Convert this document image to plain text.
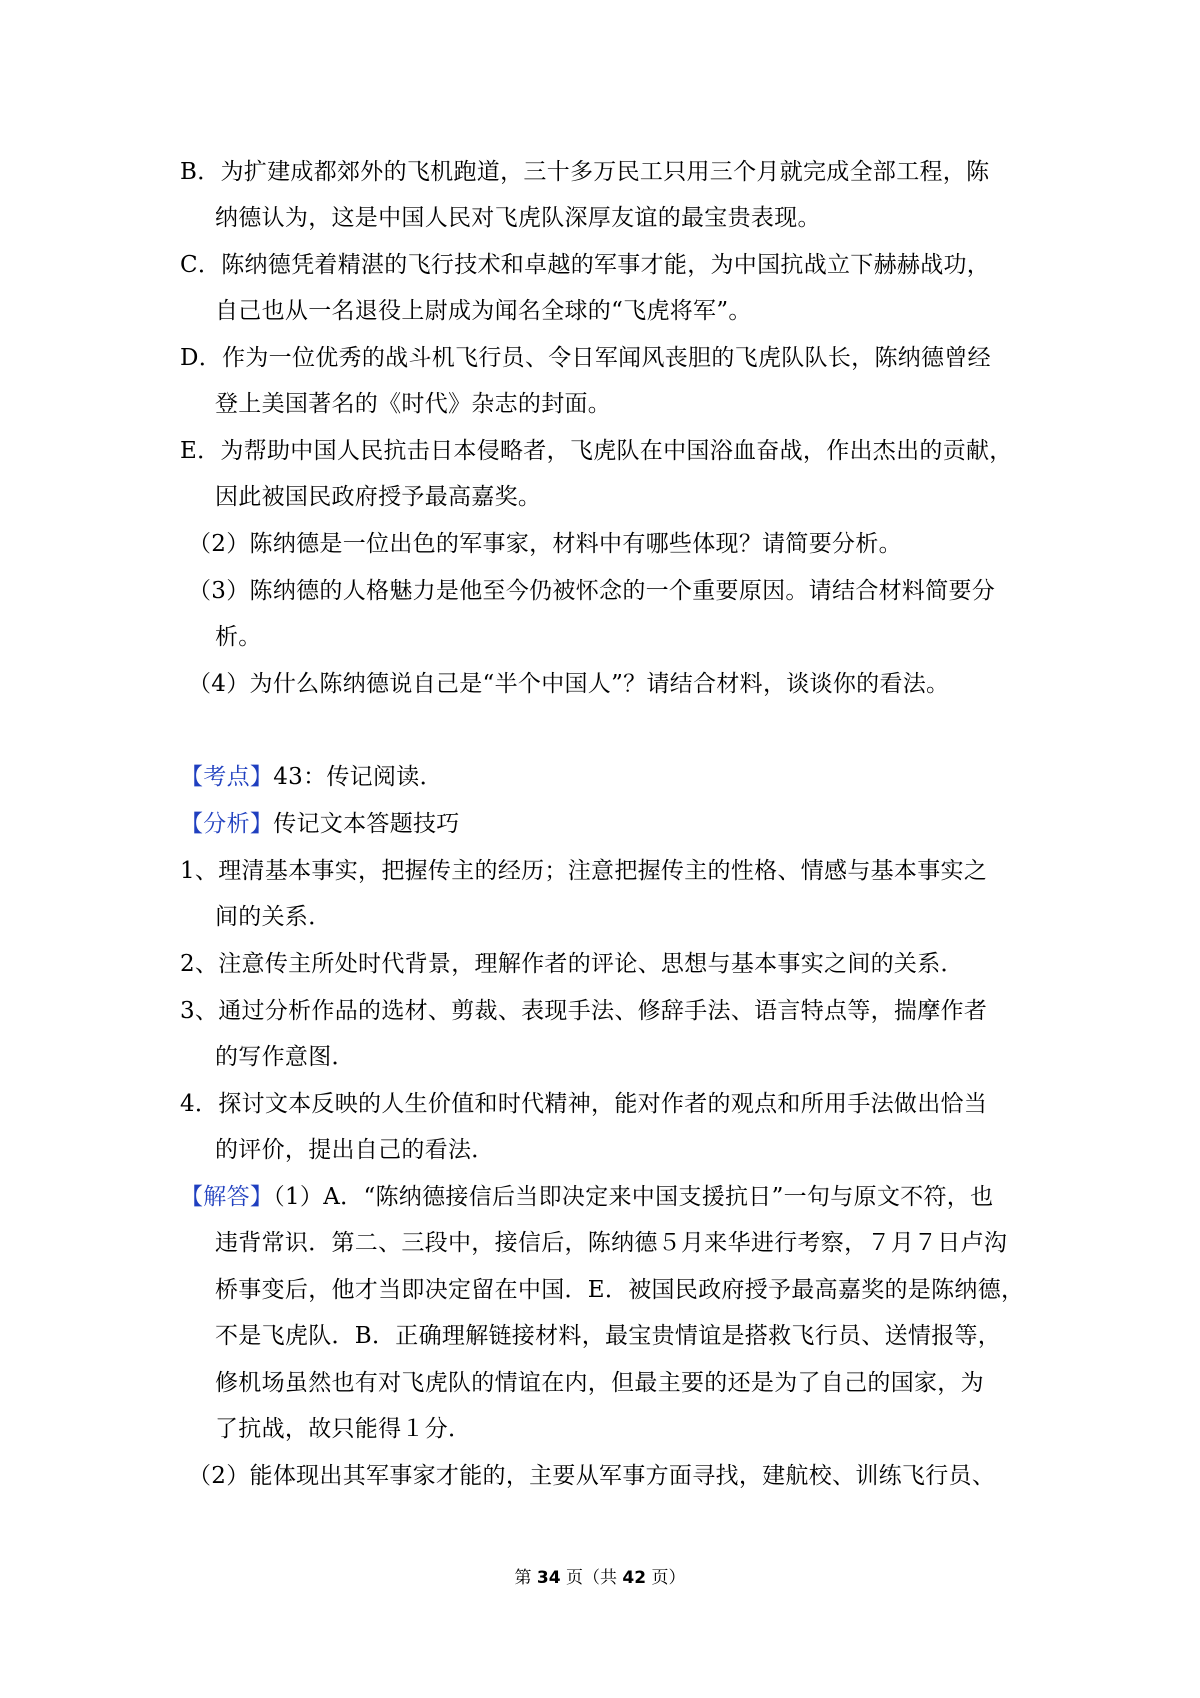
B．为扩建成都郊外的飞机跑道，三十多万民工只用三个月就完成全部工程，陈
纳德认为，这是中国人民对飞虎队深厚友谊的最宝贵表现。
C．陈纳德凭着精湛的飞行技术和卓越的军事才能，为中国抗战立下赫赫战功，
自己也从一名退役上尉成为闻名全球的“飞虎将军”。
D．作为一位优秀的战斗机飞行员、令日军闻风丧胆的飞虎队队长，陈纳德曾经
登上美国著名的《时代》杂志的封面。
E．为帮助中国人民抗击日本侵略者，飞虎队在中国浴血奋战，作出杰出的贡献，
因此被国民政府授予最高嘉奖。
（2）陈纳德是一位出色的军事家，材料中有哪些体现？请简要分析。
（3）陈纳德的人格魅力是他至今仍被怀念的一个重要原因。请结合材料简要分
析。
（4）为什么陈纳德说自己是“半个中国人”？请结合材料，谈谈你的看法。
【考点】43：传记阅读．
【分析】传记文本答题技巧
1、理清基本事实，把握传主的经历；注意把握传主的性格、情感与基本事实之
间的关系．
2、注意传主所处时代背景，理解作者的评论、思想与基本事实之间的关系．
3、通过分析作品的选材、剪裁、表现手法、修辞手法、语言特点等，揣摩作者
的写作意图．
4．探讨文本反映的人生价值和时代精神，能对作者的观点和所用手法做出恰当
的评价，提出自己的看法．
【解答】（1）A．“陈纳德接信后当即决定来中国支援抗日”一句与原文不符，也
违背常识．第二、三段中，接信后，陈纳德５月来华进行考察，７月７日卢沟
桥事变后，他才当即决定留在中国．E．被国民政府授予最高嘉奖的是陈纳德，
不是飞虎队．B．正确理解链接材料，最宝贵情谊是搭救飞行员、送情报等，
修机场虽然也有对飞虎队的情谊在内，但最主要的还是为了自己的国家，为
了抗战，故只能得１分．
（2）能体现出其军事家才能的，主要从军事方面寻找，建航校、训练飞行员、
第 34 页（共 42 页）
